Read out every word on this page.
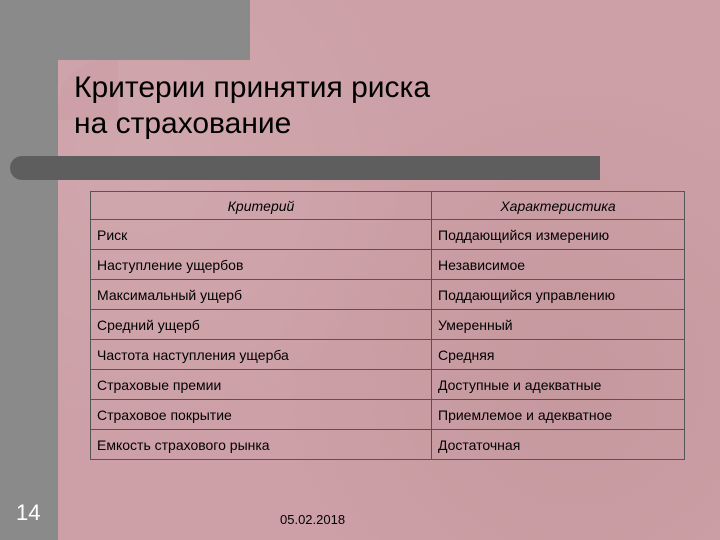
Критерии принятия риска
на страхование
Критерий	Характеристика
Риск	Поддающийся измерению
Наступление ущербов	Независимое
Максимальный ущерб	Поддающийся управлению
Средний ущерб	Умеренный
Частота наступления ущерба	Средняя
Страховые премии	Доступные и адекватные
Страховое покрытие	Приемлемое и адекватное
Емкость страхового рынка	Достаточная
14	05.02.2018
